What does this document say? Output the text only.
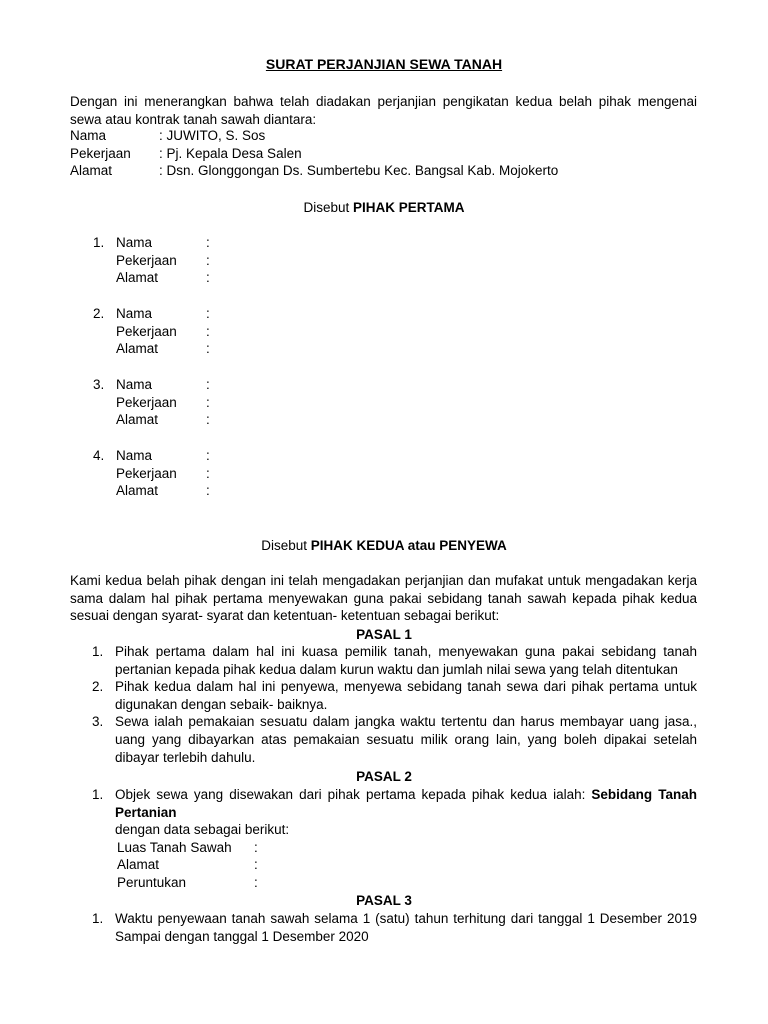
SURAT PERJANJIAN SEWA TANAH
Dengan ini menerangkan bahwa telah diadakan perjanjian pengikatan kedua belah pihak mengenai sewa atau kontrak tanah sawah diantara:
Nama	: JUWITO, S. Sos
Pekerjaan : Pj. Kepala Desa Salen
Alamat	: Dsn. Glonggongan Ds. Sumbertebu Kec. Bangsal Kab. Mojokerto
Disebut PIHAK PERTAMA
1. Nama	:
Pekerjaan :
Alamat	:
2. Nama	:
Pekerjaan :
Alamat	:
3. Nama	:
Pekerjaan :
Alamat	:
4. Nama	:
Pekerjaan :
Alamat	:
Disebut PIHAK KEDUA atau PENYEWA
Kami kedua belah pihak dengan ini telah mengadakan perjanjian dan mufakat untuk mengadakan kerja sama dalam hal pihak pertama menyewakan guna pakai sebidang tanah sawah kepada pihak kedua sesuai dengan syarat- syarat dan ketentuan- ketentuan sebagai berikut:
PASAL 1
1. Pihak pertama dalam hal ini kuasa pemilik tanah, menyewakan guna pakai sebidang tanah pertanian kepada pihak kedua dalam kurun waktu dan jumlah nilai sewa yang telah ditentukan
2. Pihak kedua dalam hal ini penyewa, menyewa sebidang tanah sewa dari pihak pertama untuk digunakan dengan sebaik- baiknya.
3. Sewa ialah pemakaian sesuatu dalam jangka waktu tertentu dan harus membayar uang jasa., uang yang dibayarkan atas pemakaian sesuatu milik orang lain, yang boleh dipakai setelah dibayar terlebih dahulu.
PASAL 2
1. Objek sewa yang disewakan dari pihak pertama kepada pihak kedua ialah: Sebidang Tanah Pertanian
dengan data sebagai berikut:
Luas Tanah Sawah :
Alamat	:
Peruntukan	:
PASAL 3
1. Waktu penyewaan tanah sawah selama 1 (satu) tahun terhitung dari tanggal 1 Desember 2019 Sampai dengan tanggal 1 Desember 2020
